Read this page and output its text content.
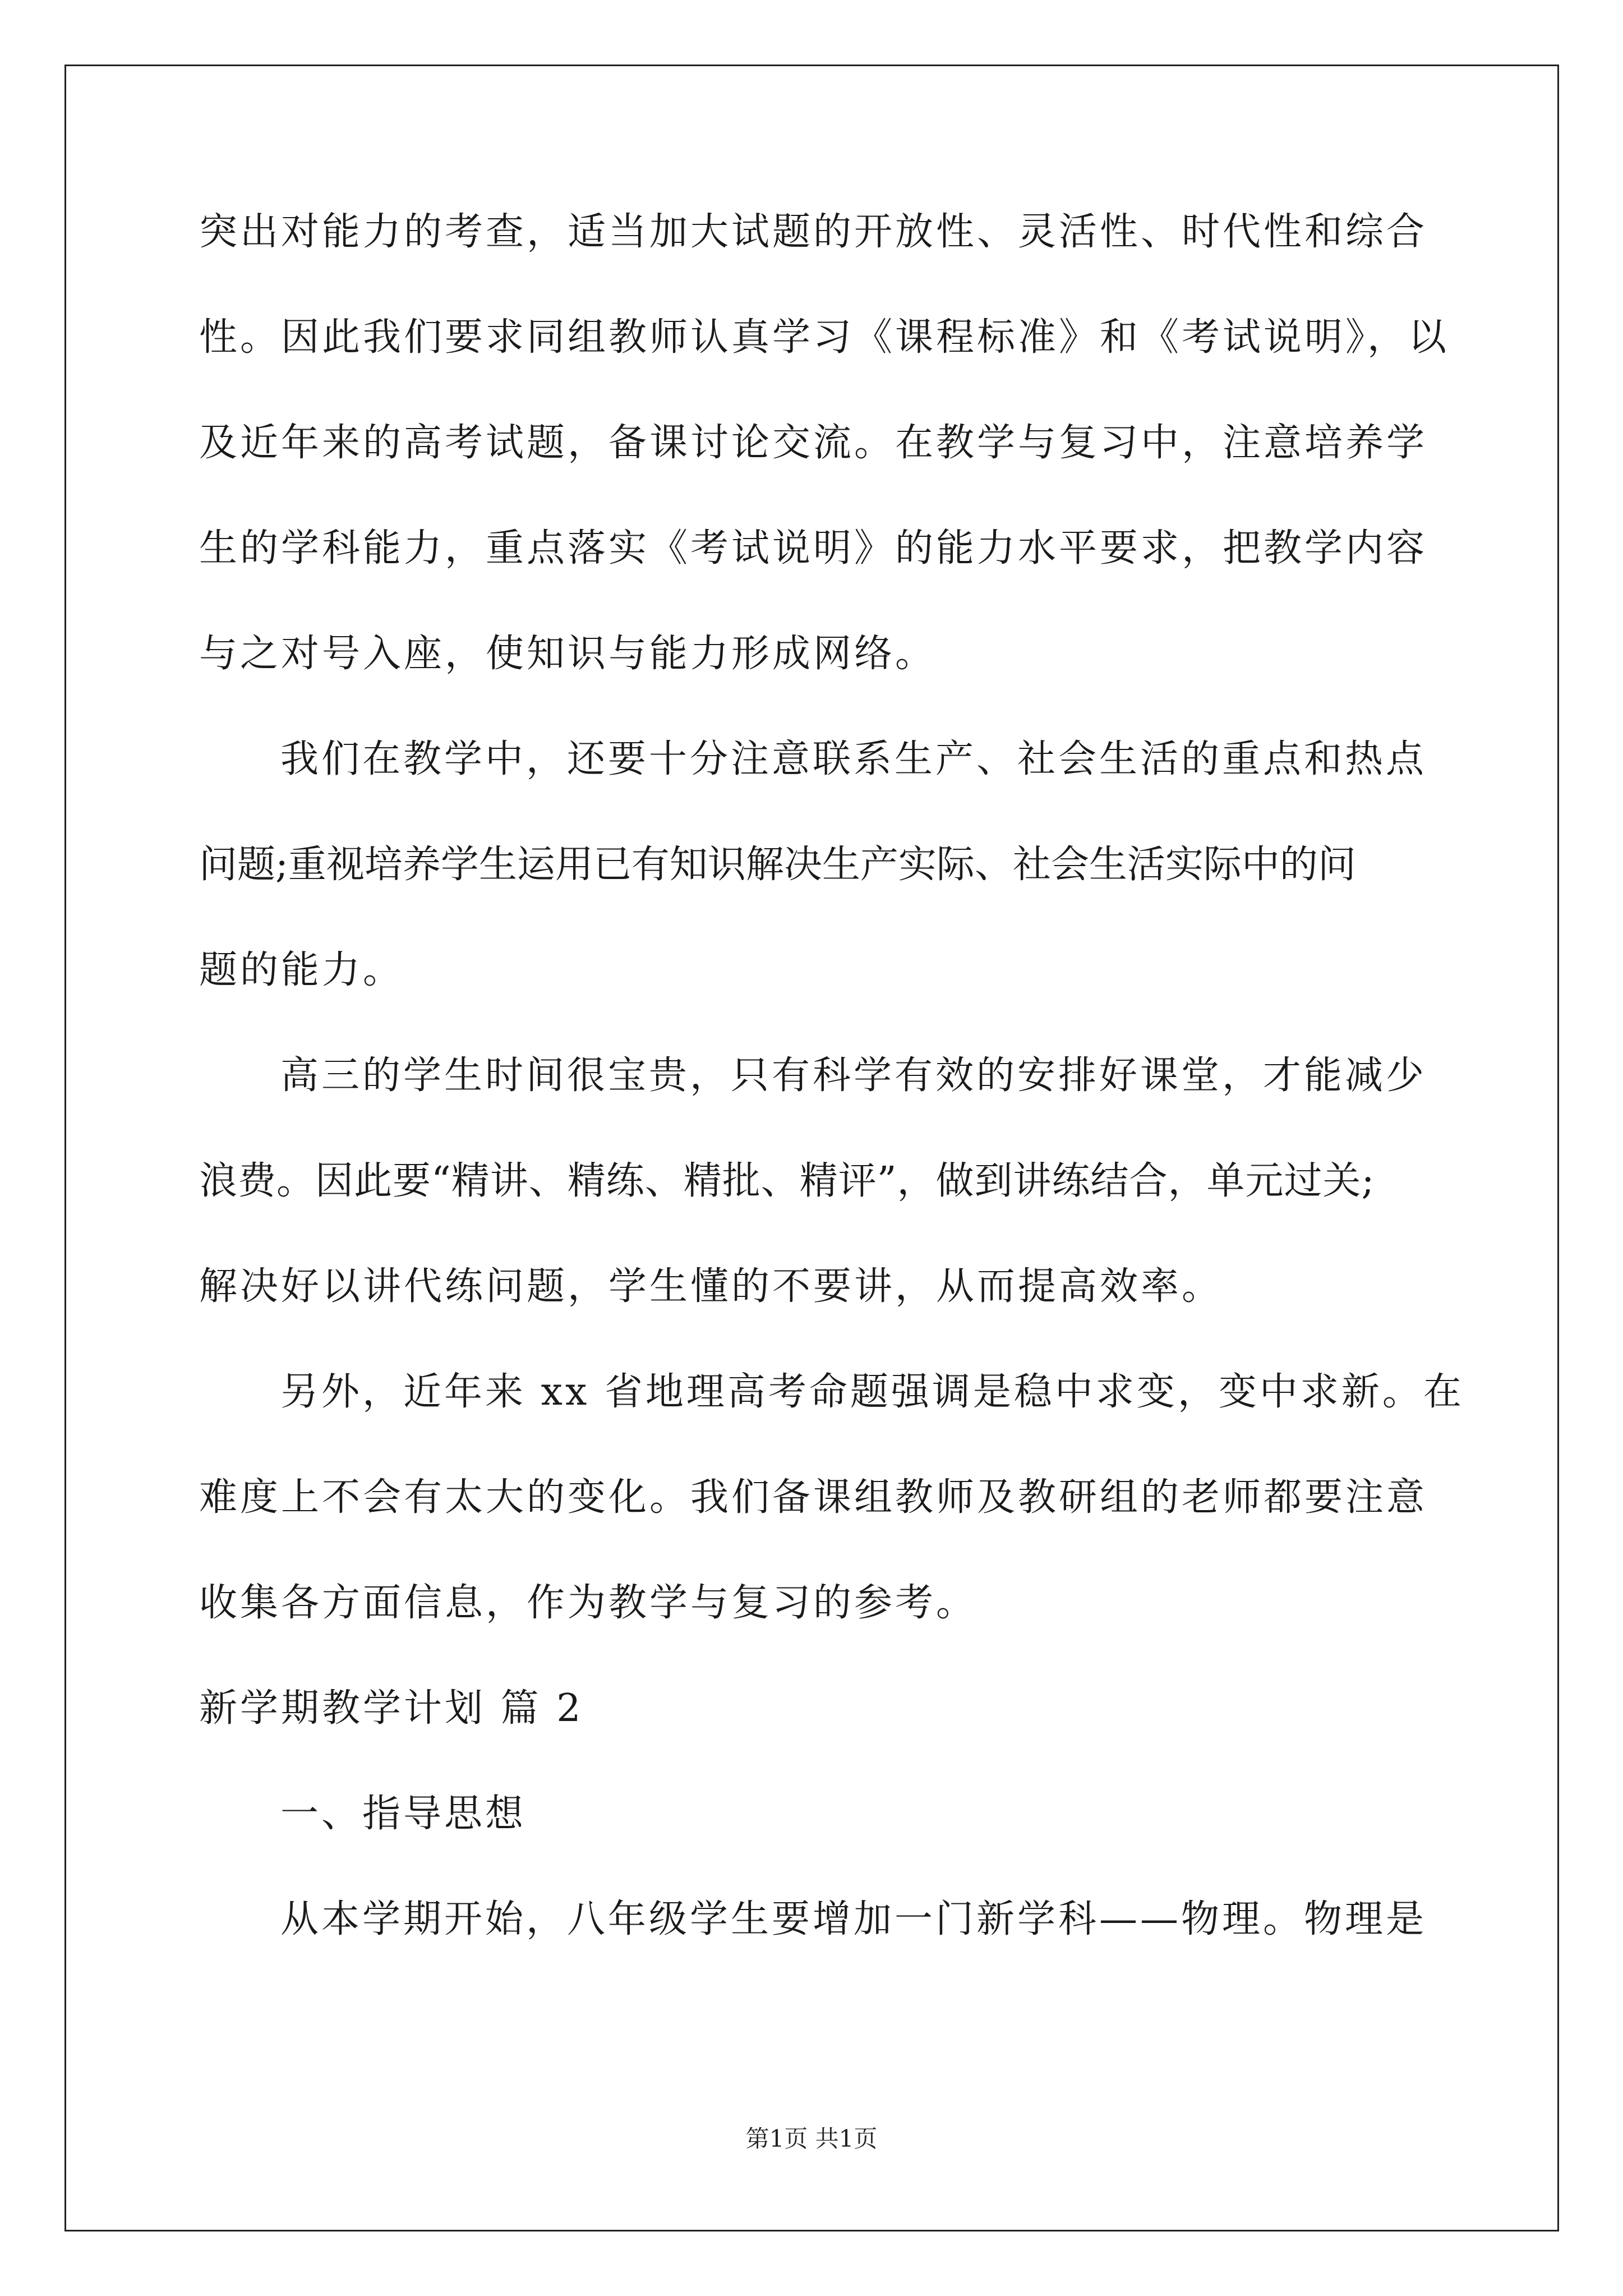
突出对能力的考查，适当加大试题的开放性、灵活性、时代性和综合
性。因此我们要求同组教师认真学习《课程标准》和《考试说明》，以
及近年来的高考试题，备课讨论交流。在教学与复习中，注意培养学
生的学科能力，重点落实《考试说明》的能力水平要求，把教学内容
与之对号入座，使知识与能力形成网络。
我们在教学中，还要十分注意联系生产、社会生活的重点和热点
问题;重视培养学生运用已有知识解决生产实际、社会生活实际中的问
题的能力。
高三的学生时间很宝贵，只有科学有效的安排好课堂，才能减少
浪费。因此要“精讲、精练、精批、精评”，做到讲练结合，单元过关;
解决好以讲代练问题，学生懂的不要讲，从而提高效率。
另外，近年来 xx 省地理高考命题强调是稳中求变，变中求新。在
难度上不会有太大的变化。我们备课组教师及教研组的老师都要注意
收集各方面信息，作为教学与复习的参考。
新学期教学计划 篇 2
一、指导思想
从本学期开始，八年级学生要增加一门新学科——物理。物理是
第1页 共1页
